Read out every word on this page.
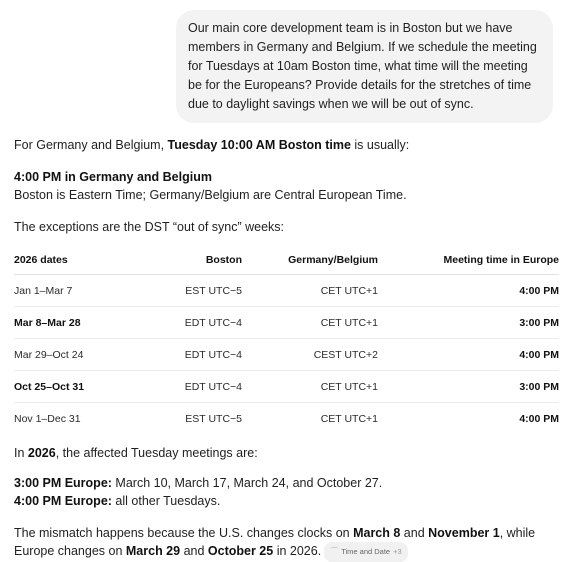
Our main core development team is in Boston but we have members in Germany and Belgium. If we schedule the meeting for Tuesdays at 10am Boston time, what time will the meeting be for the Europeans? Provide details for the stretches of time due to daylight savings when we will be out of sync.

For Germany and Belgium, Tuesday 10:00 AM Boston time is usually:

4:00 PM in Germany and Belgium

Boston is Eastern Time; Germany/Belgium are Central European Time.

The exceptions are the DST “out of sync” weeks:

2026 dates	Boston	Germany/Belgium	Meeting time in Europe
Jan 1–Mar 7	EST UTC−5	CET UTC+1	4:00 PM
Mar 8–Mar 28	EDT UTC−4	CET UTC+1	3:00 PM
Mar 29–Oct 24	EDT UTC−4	CEST UTC+2	4:00 PM
Oct 25–Oct 31	EDT UTC−4	CET UTC+1	3:00 PM
Nov 1–Dec 31	EST UTC−5	CET UTC+1	4:00 PM

In 2026, the affected Tuesday meetings are:

3:00 PM Europe: March 10, March 17, March 24, and October 27.

4:00 PM Europe: all other Tuesdays.

The mismatch happens because the U.S. changes clocks on March 8 and November 1, while Europe changes on March 29 and October 25 in 2026. ⌒ Time and Date +3
